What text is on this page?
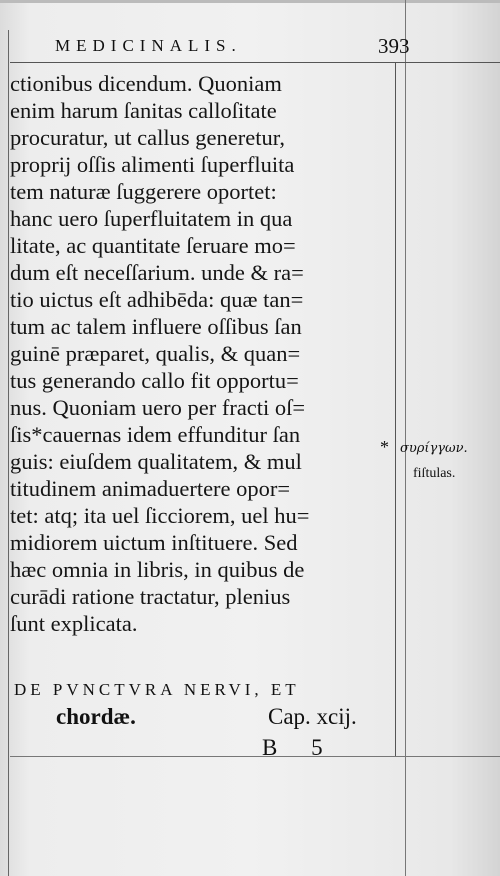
MEDICINALIS.	393
ctionibus dicendum. Quoniam
enim harum ſanitas calloſitate
procuratur, ut callus generetur,
proprij oſſis alimenti ſuperfluita
tem naturæ ſuggerere oportet:
hanc uero ſuperfluitatem in qua
litate, ac quantitate ſeruare mo=
dum eſt neceſſarium. unde & ra=
tio uictus eſt adhibēda: quæ tan=
tum ac talem influere oſſibus ſan
guinē præparet, qualis, & quan=
tus generando callo fit opportu=
nus. Quoniam uero per fracti oſ=
ſis*cauernas idem effunditur ſan
guis: eiuſdem qualitatem, & mul
titudinem animaduertere opor=
tet: atq; ita uel ſicciorem, uel hu=
midiorem uictum inſtituere. Sed
hæc omnia in libris, in quibus de
curādi ratione tractatur, plenius
ſunt explicata.
* συρίγγων.
fiſtulas.
DE PVNCTVRA NERVI, ET
chordæ.	Cap. xcij.
B 5
